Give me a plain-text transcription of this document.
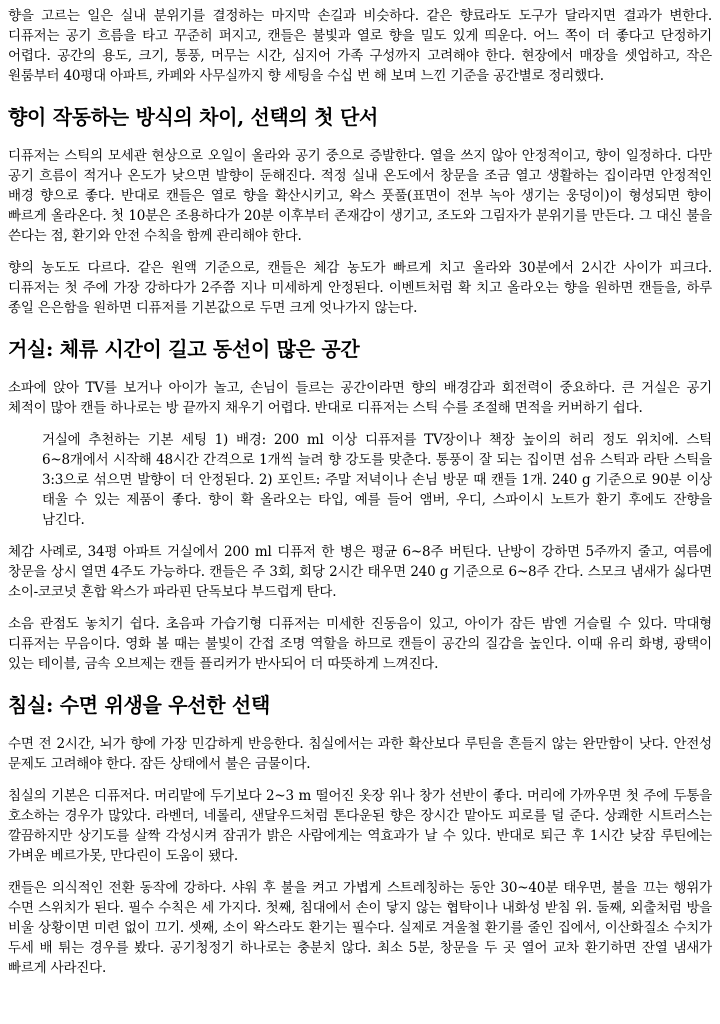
향을 고르는 일은 실내 분위기를 결정하는 마지막 손길과 비슷하다. 같은 향료라도 도구가 달라지면 결과가 변한다. 디퓨저는 공기 흐름을 타고 꾸준히 퍼지고, 캔들은 불빛과 열로 향을 밀도 있게 띄운다. 어느 쪽이 더 좋다고 단정하기 어렵다. 공간의 용도, 크기, 통풍, 머무는 시간, 심지어 가족 구성까지 고려해야 한다. 현장에서 매장을 셋업하고, 작은 원룸부터 40평대 아파트, 카페와 사무실까지 향 세팅을 수십 번 해 보며 느낀 기준을 공간별로 정리했다.

향이 작동하는 방식의 차이, 선택의 첫 단서

디퓨저는 스틱의 모세관 현상으로 오일이 올라와 공기 중으로 증발한다. 열을 쓰지 않아 안정적이고, 향이 일정하다. 다만 공기 흐름이 적거나 온도가 낮으면 발향이 둔해진다. 적정 실내 온도에서 창문을 조금 열고 생활하는 집이라면 안정적인 배경 향으로 좋다. 반대로 캔들은 열로 향을 확산시키고, 왁스 풋풀(표면이 전부 녹아 생기는 웅덩이)이 형성되면 향이 빠르게 올라온다. 첫 10분은 조용하다가 20분 이후부터 존재감이 생기고, 조도와 그림자가 분위기를 만든다. 그 대신 불을 쓴다는 점, 환기와 안전 수칙을 함께 관리해야 한다.

향의 농도도 다르다. 같은 원액 기준으로, 캔들은 체감 농도가 빠르게 치고 올라와 30분에서 2시간 사이가 피크다. 디퓨저는 첫 주에 가장 강하다가 2주쯤 지나 미세하게 안정된다. 이벤트처럼 확 치고 올라오는 향을 원하면 캔들을, 하루 종일 은은함을 원하면 디퓨저를 기본값으로 두면 크게 엇나가지 않는다.

거실: 체류 시간이 길고 동선이 많은 공간

소파에 앉아 TV를 보거나 아이가 놀고, 손님이 들르는 공간이라면 향의 배경감과 회전력이 중요하다. 큰 거실은 공기 체적이 많아 캔들 하나로는 방 끝까지 채우기 어렵다. 반대로 디퓨저는 스틱 수를 조절해 면적을 커버하기 쉽다.

거실에 추천하는 기본 세팅 1) 배경: 200 ml 이상 디퓨저를 TV장이나 책장 높이의 허리 정도 위치에. 스틱 6~8개에서 시작해 48시간 간격으로 1개씩 늘려 향 강도를 맞춘다. 통풍이 잘 되는 집이면 섬유 스틱과 라탄 스틱을 3:3으로 섞으면 발향이 더 안정된다. 2) 포인트: 주말 저녁이나 손님 방문 때 캔들 1개. 240 g 기준으로 90분 이상 태울 수 있는 제품이 좋다. 향이 확 올라오는 타입, 예를 들어 앰버, 우디, 스파이시 노트가 환기 후에도 잔향을 남긴다.

체감 사례로, 34평 아파트 거실에서 200 ml 디퓨저 한 병은 평균 6~8주 버틴다. 난방이 강하면 5주까지 줄고, 여름에 창문을 상시 열면 4주도 가능하다. 캔들은 주 3회, 회당 2시간 태우면 240 g 기준으로 6~8주 간다. 스모크 냄새가 싫다면 소이-코코넛 혼합 왁스가 파라핀 단독보다 부드럽게 탄다.

소음 관점도 놓치기 쉽다. 초음파 가습기형 디퓨저는 미세한 진동음이 있고, 아이가 잠든 밤엔 거슬릴 수 있다. 막대형 디퓨저는 무음이다. 영화 볼 때는 불빛이 간접 조명 역할을 하므로 캔들이 공간의 질감을 높인다. 이때 유리 화병, 광택이 있는 테이블, 금속 오브제는 캔들 플리커가 반사되어 더 따뜻하게 느껴진다.

침실: 수면 위생을 우선한 선택

수면 전 2시간, 뇌가 향에 가장 민감하게 반응한다. 침실에서는 과한 확산보다 루틴을 흔들지 않는 완만함이 낫다. 안전성 문제도 고려해야 한다. 잠든 상태에서 불은 금물이다.

침실의 기본은 디퓨저다. 머리맡에 두기보다 2~3 m 떨어진 옷장 위나 창가 선반이 좋다. 머리에 가까우면 첫 주에 두통을 호소하는 경우가 많았다. 라벤더, 네롤리, 샌달우드처럼 톤다운된 향은 장시간 맡아도 피로를 덜 준다. 상쾌한 시트러스는 깔끔하지만 상기도를 살짝 각성시켜 잠귀가 밝은 사람에게는 역효과가 날 수 있다. 반대로 퇴근 후 1시간 낮잠 루틴에는 가벼운 베르가못, 만다린이 도움이 됐다.

캔들은 의식적인 전환 동작에 강하다. 샤워 후 불을 켜고 가볍게 스트레칭하는 동안 30~40분 태우면, 불을 끄는 행위가 수면 스위치가 된다. 필수 수칙은 세 가지다. 첫째, 침대에서 손이 닿지 않는 협탁이나 내화성 받침 위. 둘째, 외출처럼 방을 비울 상황이면 미련 없이 끄기. 셋째, 소이 왁스라도 환기는 필수다. 실제로 겨울철 환기를 줄인 집에서, 이산화질소 수치가 두세 배 튀는 경우를 봤다. 공기청정기 하나로는 충분치 않다. 최소 5분, 창문을 두 곳 열어 교차 환기하면 잔열 냄새가 빠르게 사라진다.
